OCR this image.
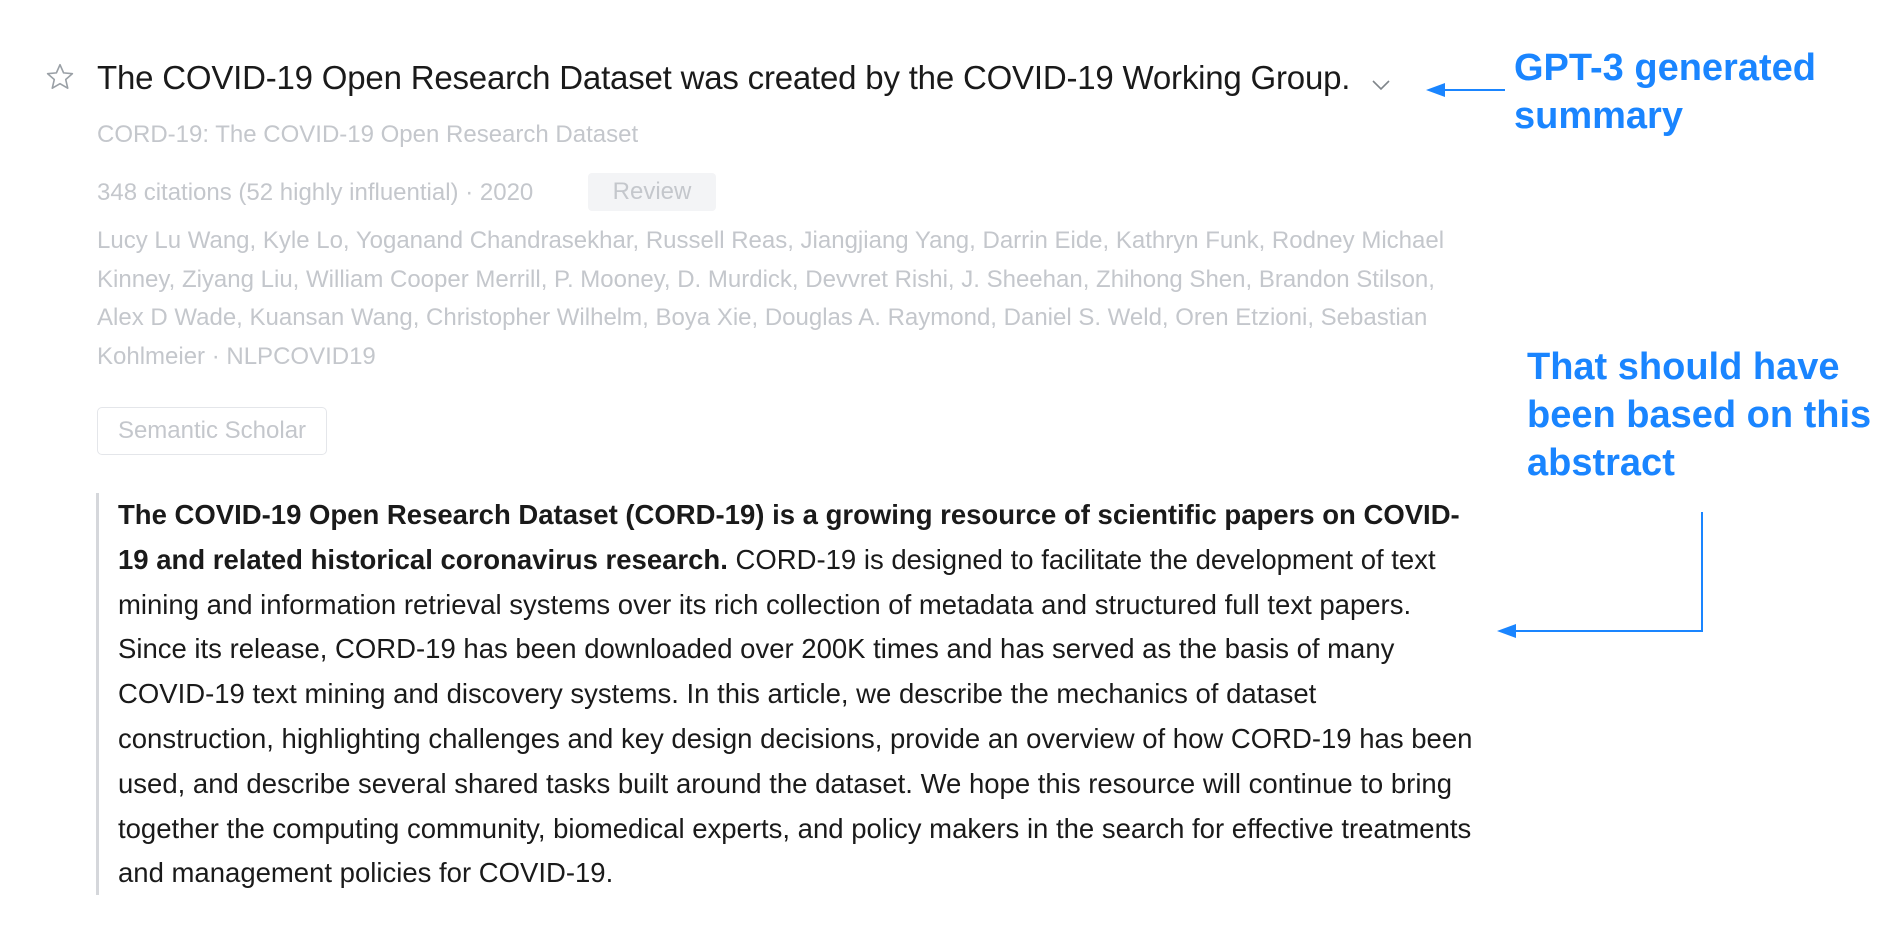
The COVID-19 Open Research Dataset was created by the COVID-19 Working Group.
CORD-19: The COVID-19 Open Research Dataset
348 citations (52 highly influential) · 2020	Review
Lucy Lu Wang, Kyle Lo, Yoganand Chandrasekhar, Russell Reas, Jiangjiang Yang, Darrin Eide, Kathryn Funk, Rodney Michael Kinney, Ziyang Liu, William Cooper Merrill, P. Mooney, D. Murdick, Devvret Rishi, J. Sheehan, Zhihong Shen, Brandon Stilson, Alex D Wade, Kuansan Wang, Christopher Wilhelm, Boya Xie, Douglas A. Raymond, Daniel S. Weld, Oren Etzioni, Sebastian Kohlmeier · NLPCOVID19
Semantic Scholar
The COVID-19 Open Research Dataset (CORD-19) is a growing resource of scientific papers on COVID-19 and related historical coronavirus research. CORD-19 is designed to facilitate the development of text mining and information retrieval systems over its rich collection of metadata and structured full text papers. Since its release, CORD-19 has been downloaded over 200K times and has served as the basis of many COVID-19 text mining and discovery systems. In this article, we describe the mechanics of dataset construction, highlighting challenges and key design decisions, provide an overview of how CORD-19 has been used, and describe several shared tasks built around the dataset. We hope this resource will continue to bring together the computing community, biomedical experts, and policy makers in the search for effective treatments and management policies for COVID-19.
GPT-3 generated summary
That should have been based on this abstract
